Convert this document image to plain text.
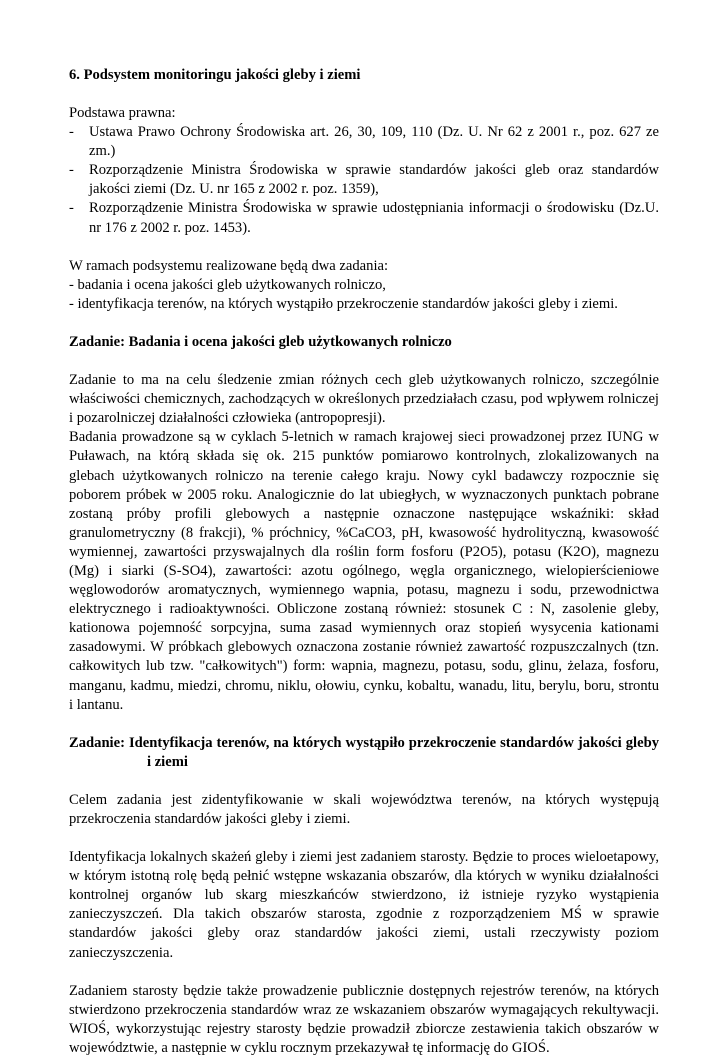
6. Podsystem monitoringu jakości gleby i ziemi

Podstawa prawna:

-	Ustawa Prawo Ochrony Środowiska art. 26, 30, 109, 110 (Dz. U. Nr 62 z 2001 r., poz. 627 ze zm.)
-	Rozporządzenie Ministra Środowiska w sprawie standardów jakości gleb oraz standardów jakości ziemi (Dz. U. nr 165 z 2002 r. poz. 1359),
-	Rozporządzenie Ministra Środowiska w sprawie udostępniania informacji o środowisku (Dz.U. nr 176 z 2002 r. poz. 1453).

W ramach podsystemu realizowane będą dwa zadania:

- badania i ocena jakości gleb użytkowanych rolniczo,

- identyfikacja terenów, na których wystąpiło przekroczenie standardów jakości gleby i ziemi.

Zadanie: Badania i ocena jakości gleb użytkowanych rolniczo

Zadanie to ma na celu śledzenie zmian różnych cech gleb użytkowanych rolniczo, szczególnie właściwości chemicznych, zachodzących w określonych przedziałach czasu, pod wpływem rolniczej i pozarolniczej działalności człowieka (antropopresji).

Badania prowadzone są w cyklach 5-letnich w ramach krajowej sieci prowadzonej przez IUNG w Puławach, na którą składa się ok. 215 punktów pomiarowo kontrolnych, zlokalizowanych na glebach użytkowanych rolniczo na terenie całego kraju. Nowy cykl badawczy rozpocznie się poborem próbek w 2005 roku. Analogicznie do lat ubiegłych, w wyznaczonych punktach pobrane zostaną próby profili glebowych a następnie oznaczone następujące wskaźniki: skład granulometryczny (8 frakcji), % próchnicy, %CaCO3, pH, kwasowość hydrolityczną, kwasowość wymiennej, zawartości przyswajalnych dla roślin form fosforu (P2O5), potasu (K2O), magnezu (Mg) i siarki (S-SO4), zawartości: azotu ogólnego, węgla organicznego, wielopierścieniowe węglowodorów aromatycznych, wymiennego wapnia, potasu, magnezu i sodu, przewodnictwa elektrycznego i radioaktywności. Obliczone zostaną również: stosunek C : N, zasolenie gleby, kationowa pojemność sorpcyjna, suma zasad wymiennych oraz stopień wysycenia kationami zasadowymi. W próbkach glebowych oznaczona zostanie również zawartość rozpuszczalnych (tzn. całkowitych lub tzw. "całkowitych") form: wapnia, magnezu, potasu, sodu, glinu, żelaza, fosforu, manganu, kadmu, miedzi, chromu, niklu, ołowiu, cynku, kobaltu, wanadu, litu, berylu, boru, strontu i lantanu.

Zadanie: Identyfikacja terenów, na których wystąpiło przekroczenie standardów jakości gleby i ziemi

Celem zadania jest zidentyfikowanie w skali województwa terenów, na których występują przekroczenia standardów jakości gleby i ziemi.

Identyfikacja lokalnych skażeń gleby i ziemi jest zadaniem starosty. Będzie to proces wieloetapowy, w którym istotną rolę będą pełnić wstępne wskazania obszarów, dla których w wyniku działalności kontrolnej organów lub skarg mieszkańców stwierdzono, iż istnieje ryzyko wystąpienia zanieczyszczeń. Dla takich obszarów starosta, zgodnie z rozporządzeniem MŚ w sprawie standardów jakości gleby oraz standardów jakości ziemi, ustali rzeczywisty poziom zanieczyszczenia.

Zadaniem starosty będzie także prowadzenie publicznie dostępnych rejestrów terenów, na których stwierdzono przekroczenia standardów wraz ze wskazaniem obszarów wymagających rekultywacji. WIOŚ, wykorzystując rejestry starosty będzie prowadził zbiorcze zestawienia takich obszarów w województwie, a następnie w cyklu rocznym przekazywał tę informację do GIOŚ.
